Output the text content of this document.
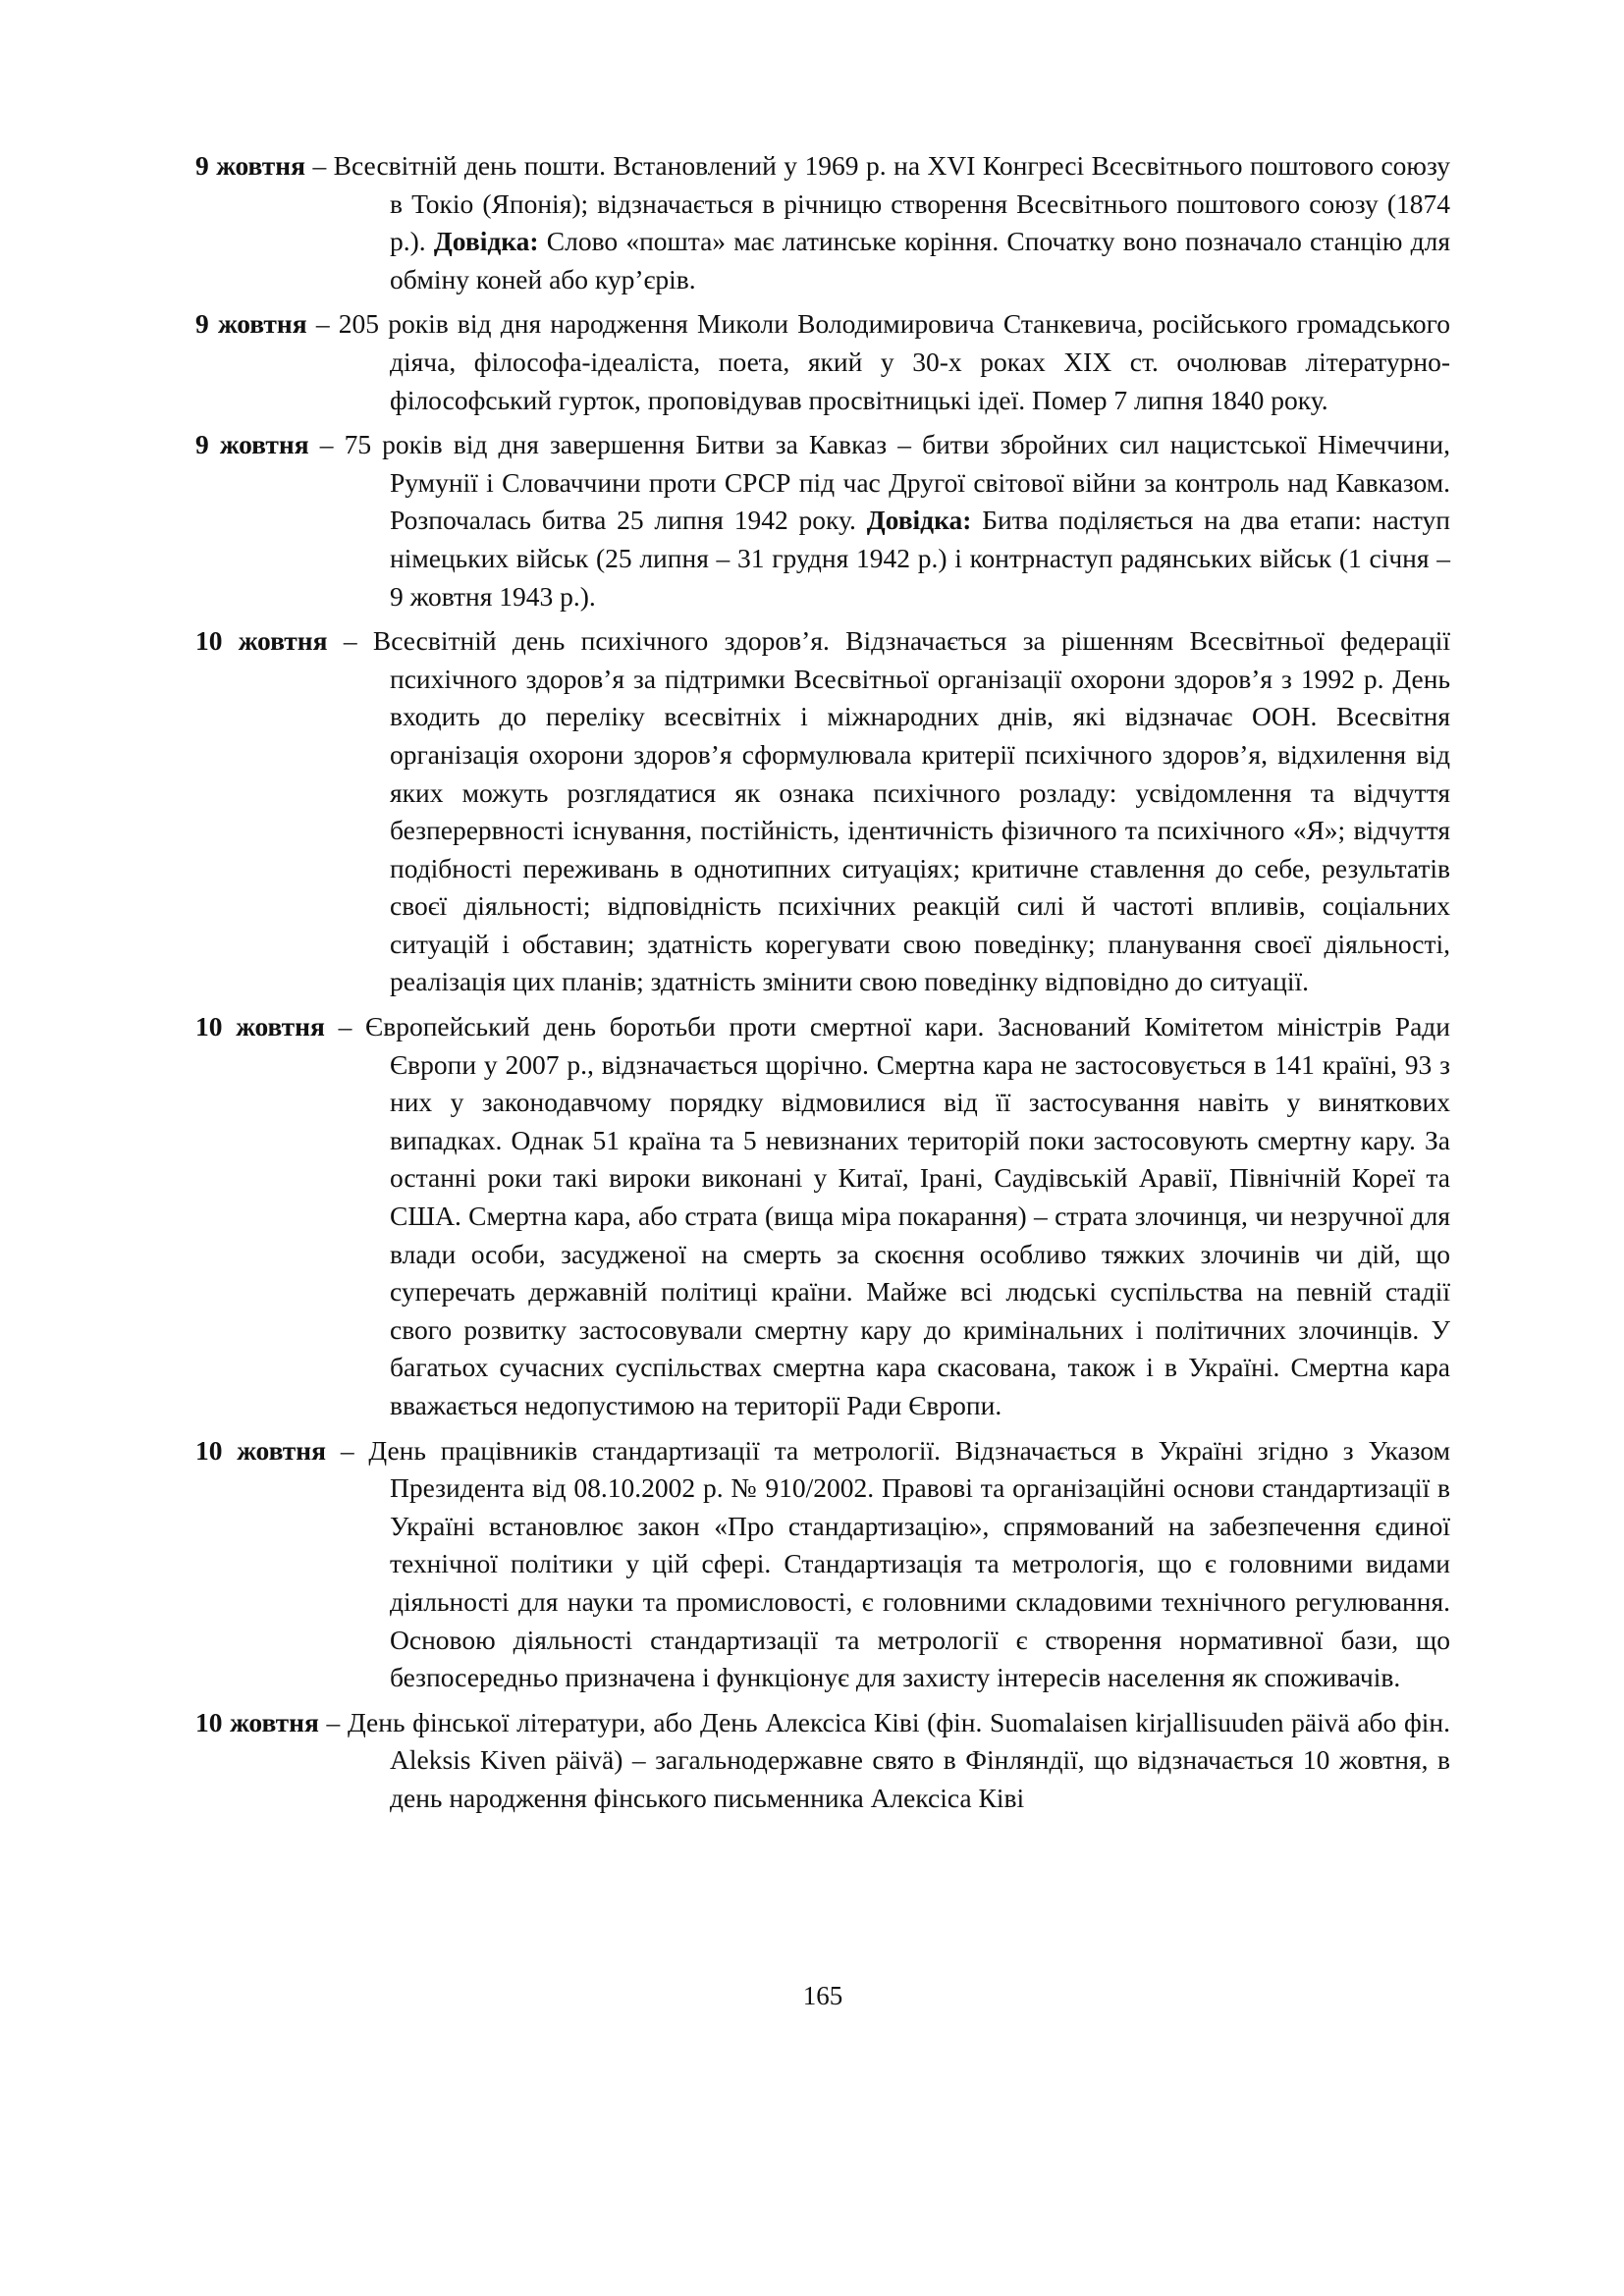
9 жовтня – Всесвітній день пошти. Встановлений у 1969 р. на XVI Конгресі Всесвітнього поштового союзу в Токіо (Японія); відзначається в річницю створення Всесвітнього поштового союзу (1874 р.). Довідка: Слово «пошта» має латинське коріння. Спочатку воно позначало станцію для обміну коней або кур’єрів.

9 жовтня – 205 років від дня народження Миколи Володимировича Станкевича, російського громадського діяча, філософа-ідеаліста, поета, який у 30-х роках XIX ст. очолював літературно-філософський гурток, проповідував просвітницькі ідеї. Помер 7 липня 1840 року.

9 жовтня – 75 років від дня завершення Битви за Кавказ – битви збройних сил нацистської Німеччини, Румунії і Словаччини проти СРСР під час Другої світової війни за контроль над Кавказом. Розпочалась битва 25 липня 1942 року. Довідка: Битва поділяється на два етапи: наступ німецьких військ (25 липня – 31 грудня 1942 р.) і контрнаступ радянських військ (1 січня – 9 жовтня 1943 р.).

10 жовтня – Всесвітній день психічного здоров’я. Відзначається за рішенням Всесвітньої федерації психічного здоров’я за підтримки Всесвітньої організації охорони здоров’я з 1992 р. День входить до переліку всесвітніх і міжнародних днів, які відзначає ООН. Всесвітня організація охорони здоров’я сформулювала критерії психічного здоров’я, відхилення від яких можуть розглядатися як ознака психічного розладу: усвідомлення та відчуття безперервності існування, постійність, ідентичність фізичного та психічного «Я»; відчуття подібності переживань в однотипних ситуаціях; критичне ставлення до себе, результатів своєї діяльності; відповідність психічних реакцій силі й частоті впливів, соціальних ситуацій і обставин; здатність корегувати свою поведінку; планування своєї діяльності, реалізація цих планів; здатність змінити свою поведінку відповідно до ситуації.

10 жовтня – Європейський день боротьби проти смертної кари. Заснований Комітетом міністрів Ради Європи у 2007 р., відзначається щорічно. Смертна кара не застосовується в 141 країні, 93 з них у законодавчому порядку відмовилися від її застосування навіть у виняткових випадках. Однак 51 країна та 5 невизнаних територій поки застосовують смертну кару. За останні роки такі вироки виконані у Китаї, Ірані, Саудівській Аравії, Північній Кореї та США. Смертна кара, або страта (вища міра покарання) – страта злочинця, чи незручної для влади особи, засудженої на смерть за скоєння особливо тяжких злочинів чи дій, що суперечать державній політиці країни. Майже всі людські суспільства на певній стадії свого розвитку застосовували смертну кару до кримінальних і політичних злочинців. У багатьох сучасних суспільствах смертна кара скасована, також і в Україні. Смертна кара вважається недопустимою на території Ради Європи.

10 жовтня – День працівників стандартизації та метрології. Відзначається в Україні згідно з Указом Президента від 08.10.2002 р. № 910/2002. Правові та організаційні основи стандартизації в Україні встановлює закон «Про стандартизацію», спрямований на забезпечення єдиної технічної політики у цій сфері. Стандартизація та метрологія, що є головними видами діяльності для науки та промисловості, є головними складовими технічного регулювання. Основою діяльності стандартизації та метрології є створення нормативної бази, що безпосередньо призначена і функціонує для захисту інтересів населення як споживачів.

10 жовтня – День фінської літератури, або День Алексіса Ківі (фін. Suomalaisen kirjallisuuden päivä або фін. Aleksis Kiven päivä) – загальнодержавне свято в Фінляндії, що відзначається 10 жовтня, в день народження фінського письменника Алексіса Ківі

165
